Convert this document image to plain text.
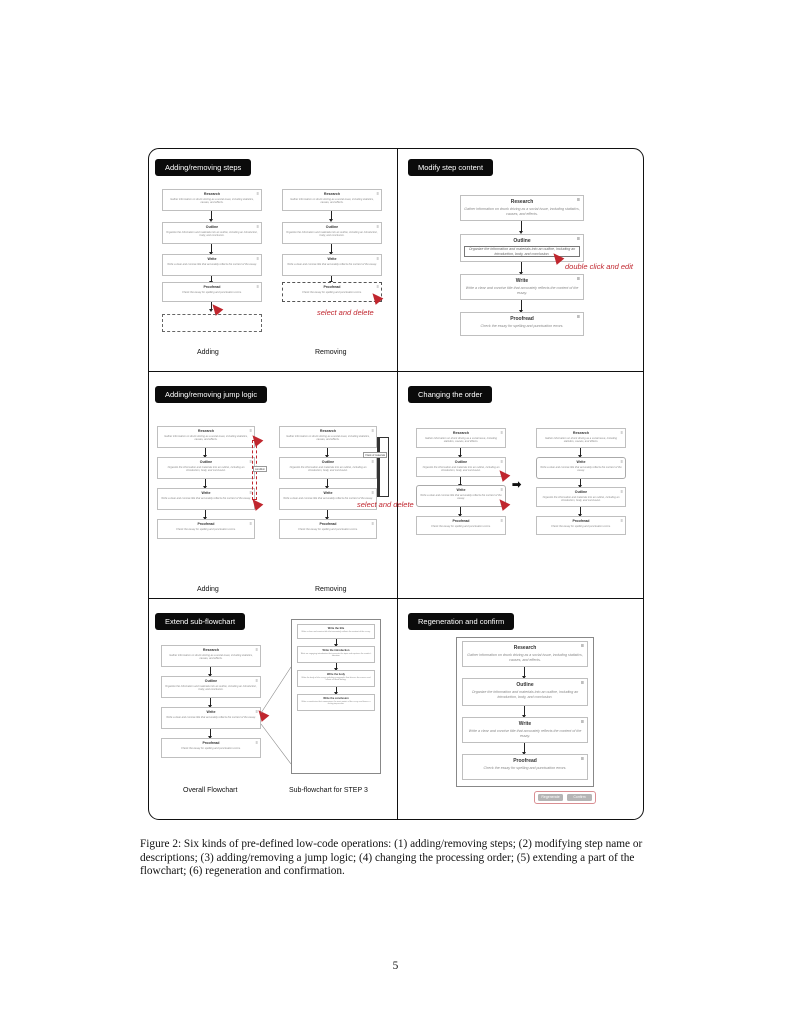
Adding/removing steps
Research	≡
Gather information on drunk driving as a social issue, including statistics, causes, and effects.
Outline	≡
Organize the information and materials into an outline, including an introduction, body, and conclusion.
Write	≡
Write a clear and concise title that accurately reflects the content of the essay.
Proofread	≡
Check the essay for spelling and punctuation errors.
Adding
Research	≡
Gather information on drunk driving as a social issue, including statistics, causes, and effects.
Outline	≡
Organize the information and materials into an outline, including an introduction, body, and conclusion.
Write	≡
Write a clear and concise title that accurately reflects the content of the essay.
Proofread	≡
Check the essay for spelling and punctuation errors.
select and delete
Removing
Modify step content
Research	≡
Gather information on drunk driving as a social issue, including statistics, causes, and effects.
Outline	≡
Organize the information and materials into an outline, including an introduction, body, and conclusion.
double click and edit
Write	≡
Write a clear and concise title that accurately reflects the content of the essay.
Proofread	≡
Check the essay for spelling and punctuation errors.
Adding/removing jump logic
Research	≡
Gather information on drunk driving as a social issue, including statistics, causes, and effects.
Outline	≡
Organize the information and materials into an outline, including an introduction, body, and conclusion.
Write	≡
Write a clear and concise title that accurately reflects the content of the essay.
Proofread	≡
Check the essay for spelling and punctuation errors.
condition
Adding
Research	≡
Gather information on drunk driving as a social issue, including statistics, causes, and effects.
Outline	≡
Organize the information and materials into an outline, including an introduction, body, and conclusion.
Write	≡
Write a clear and concise title that accurately reflects the content of the essay.
Proofread	≡
Check the essay for spelling and punctuation errors.
If lack of materials
select and delete
Removing
Changing the order
Research	≡
Gather information on drunk driving as a social issue, including statistics, causes, and effects.
Outline	≡
Organize the information and materials into an outline, including an introduction, body, and conclusion.
Write	≡
Write a clear and concise title that accurately reflects the content of the essay.
Proofread	≡
Check the essay for spelling and punctuation errors.
➡
Research	≡
Gather information on drunk driving as a social issue, including statistics, causes, and effects.
Write	≡
Write a clear and concise title that accurately reflects the content of the essay.
Outline	≡
Organize the information and materials into an outline, including an introduction, body, and conclusion.
Proofread	≡
Check the essay for spelling and punctuation errors.
Extend sub-flowchart
Research	≡
Gather information on drunk driving as a social issue, including statistics, causes, and effects.
Outline	≡
Organize the information and materials into an outline, including an introduction, body, and conclusion.
Write	≡
Write a clear and concise title that accurately reflects the content of the essay.
Proofread	≡
Check the essay for spelling and punctuation errors.
Write the title
Write a clear and concise title that accurately reflects the content of the essay.
Write the introduction
Write an engaging introduction that presents the topic and captures the reader's attention.
Write the body
Write the body of the essay, including paragraphs that discuss the causes and effects of drunk driving.
Write the conclusion
Write a conclusion that summarizes the main points of the essay and leaves a lasting impression.
Overall Flowchart	Sub-flowchart for STEP 3
Regeneration and confirm
Research	≡
Gather information on drunk driving as a social issue, including statistics, causes, and effects.
Outline	≡
Organize the information and materials into an outline, including an introduction, body, and conclusion.
Write	≡
Write a clear and concise title that accurately reflects the content of the essay.
Proofread	≡
Check the essay for spelling and punctuation errors.
Regenerate	Confirm
Figure 2: Six kinds of pre-defined low-code operations: (1) adding/removing steps; (2) modifying step name or descriptions; (3) adding/removing a jump logic; (4) changing the processing order; (5) extending a part of the flowchart; (6) regeneration and confirmation.
5
